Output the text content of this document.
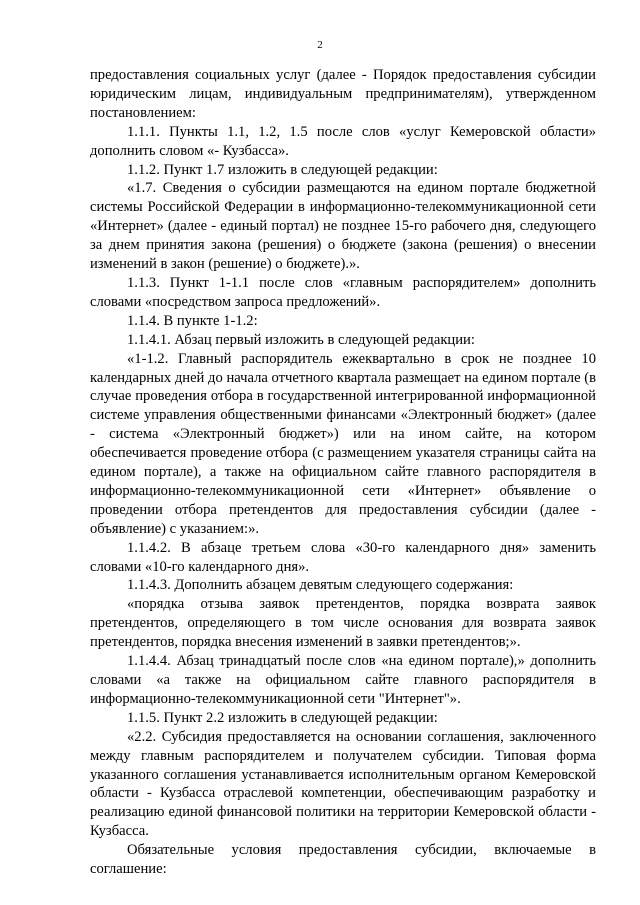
2

предоставления социальных услуг (далее - Порядок предоставления субсидии юридическим лицам, индивидуальным предпринимателям), утвержденном постановлением:

1.1.1. Пункты 1.1, 1.2, 1.5 после слов «услуг Кемеровской области» дополнить словом «- Кузбасса».

1.1.2. Пункт 1.7 изложить в следующей редакции:

«1.7. Сведения о субсидии размещаются на едином портале бюджетной системы Российской Федерации в информационно-телекоммуникационной сети «Интернет» (далее - единый портал) не позднее 15-го рабочего дня, следующего за днем принятия закона (решения) о бюджете (закона (решения) о внесении изменений в закон (решение) о бюджете).».

1.1.3. Пункт 1-1.1 после слов «главным распорядителем» дополнить словами «посредством запроса предложений».

1.1.4. В пункте 1-1.2:

1.1.4.1. Абзац первый изложить в следующей редакции:

«1-1.2. Главный распорядитель ежеквартально в срок не позднее 10 календарных дней до начала отчетного квартала размещает на едином портале (в случае проведения отбора в государственной интегрированной информационной системе управления общественными финансами «Электронный бюджет» (далее - система «Электронный бюджет») или на ином сайте, на котором обеспечивается проведение отбора (с размещением указателя страницы сайта на едином портале), а также на официальном сайте главного распорядителя в информационно-телекоммуникационной сети «Интернет» объявление о проведении отбора претендентов для предоставления субсидии (далее - объявление) с указанием:».

1.1.4.2. В абзаце третьем слова «30-го календарного дня» заменить словами «10-го календарного дня».

1.1.4.3. Дополнить абзацем девятым следующего содержания:

«порядка отзыва заявок претендентов, порядка возврата заявок претендентов, определяющего в том числе основания для возврата заявок претендентов, порядка внесения изменений в заявки претендентов;».

1.1.4.4. Абзац тринадцатый после слов «на едином портале),» дополнить словами «а также на официальном сайте главного распорядителя в информационно-телекоммуникационной сети "Интернет"».

1.1.5. Пункт 2.2 изложить в следующей редакции:

«2.2. Субсидия предоставляется на основании соглашения, заключенного между главным распорядителем и получателем субсидии. Типовая форма указанного соглашения устанавливается исполнительным органом Кемеровской области - Кузбасса отраслевой компетенции, обеспечивающим разработку и реализацию единой финансовой политики на территории Кемеровской области - Кузбасса.

Обязательные условия предоставления субсидии, включаемые в соглашение:
